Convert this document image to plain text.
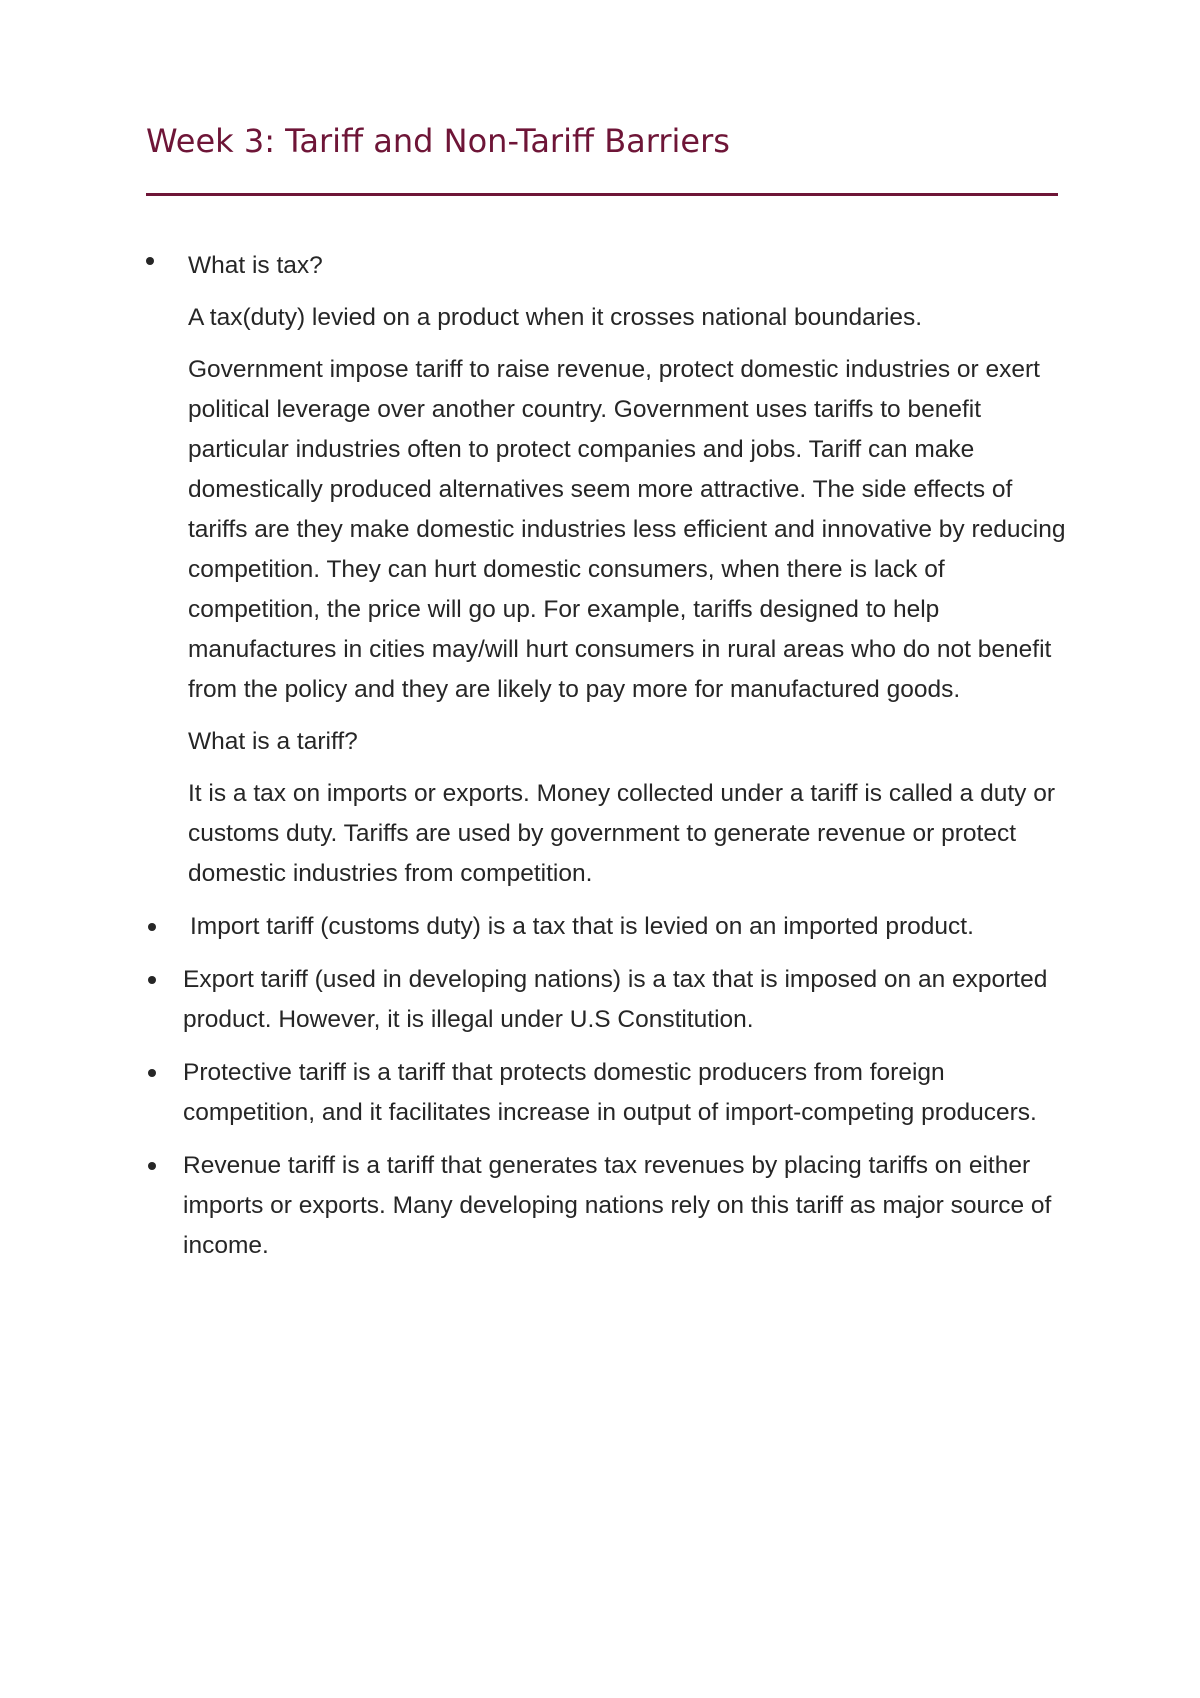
Week 3: Tariff and Non-Tariff Barriers

What is tax?

A tax(duty) levied on a product when it crosses national boundaries.

Government impose tariff to raise revenue, protect domestic industries or exert political leverage over another country. Government uses tariffs to benefit particular industries often to protect companies and jobs. Tariff can make domestically produced alternatives seem more attractive. The side effects of tariffs are they make domestic industries less efficient and innovative by reducing competition. They can hurt domestic consumers, when there is lack of competition, the price will go up. For example, tariffs designed to help manufactures in cities may/will hurt consumers in rural areas who do not benefit from the policy and they are likely to pay more for manufactured goods.

What is a tariff?

It is a tax on imports or exports. Money collected under a tariff is called a duty or customs duty. Tariffs are used by government to generate revenue or protect domestic industries from competition.

Import tariff (customs duty) is a tax that is levied on an imported product.

Export tariff (used in developing nations) is a tax that is imposed on an exported product. However, it is illegal under U.S Constitution.

Protective tariff is a tariff that protects domestic producers from foreign competition, and it facilitates increase in output of import-competing producers.

Revenue tariff is a tariff that generates tax revenues by placing tariffs on either imports or exports. Many developing nations rely on this tariff as major source of income.
